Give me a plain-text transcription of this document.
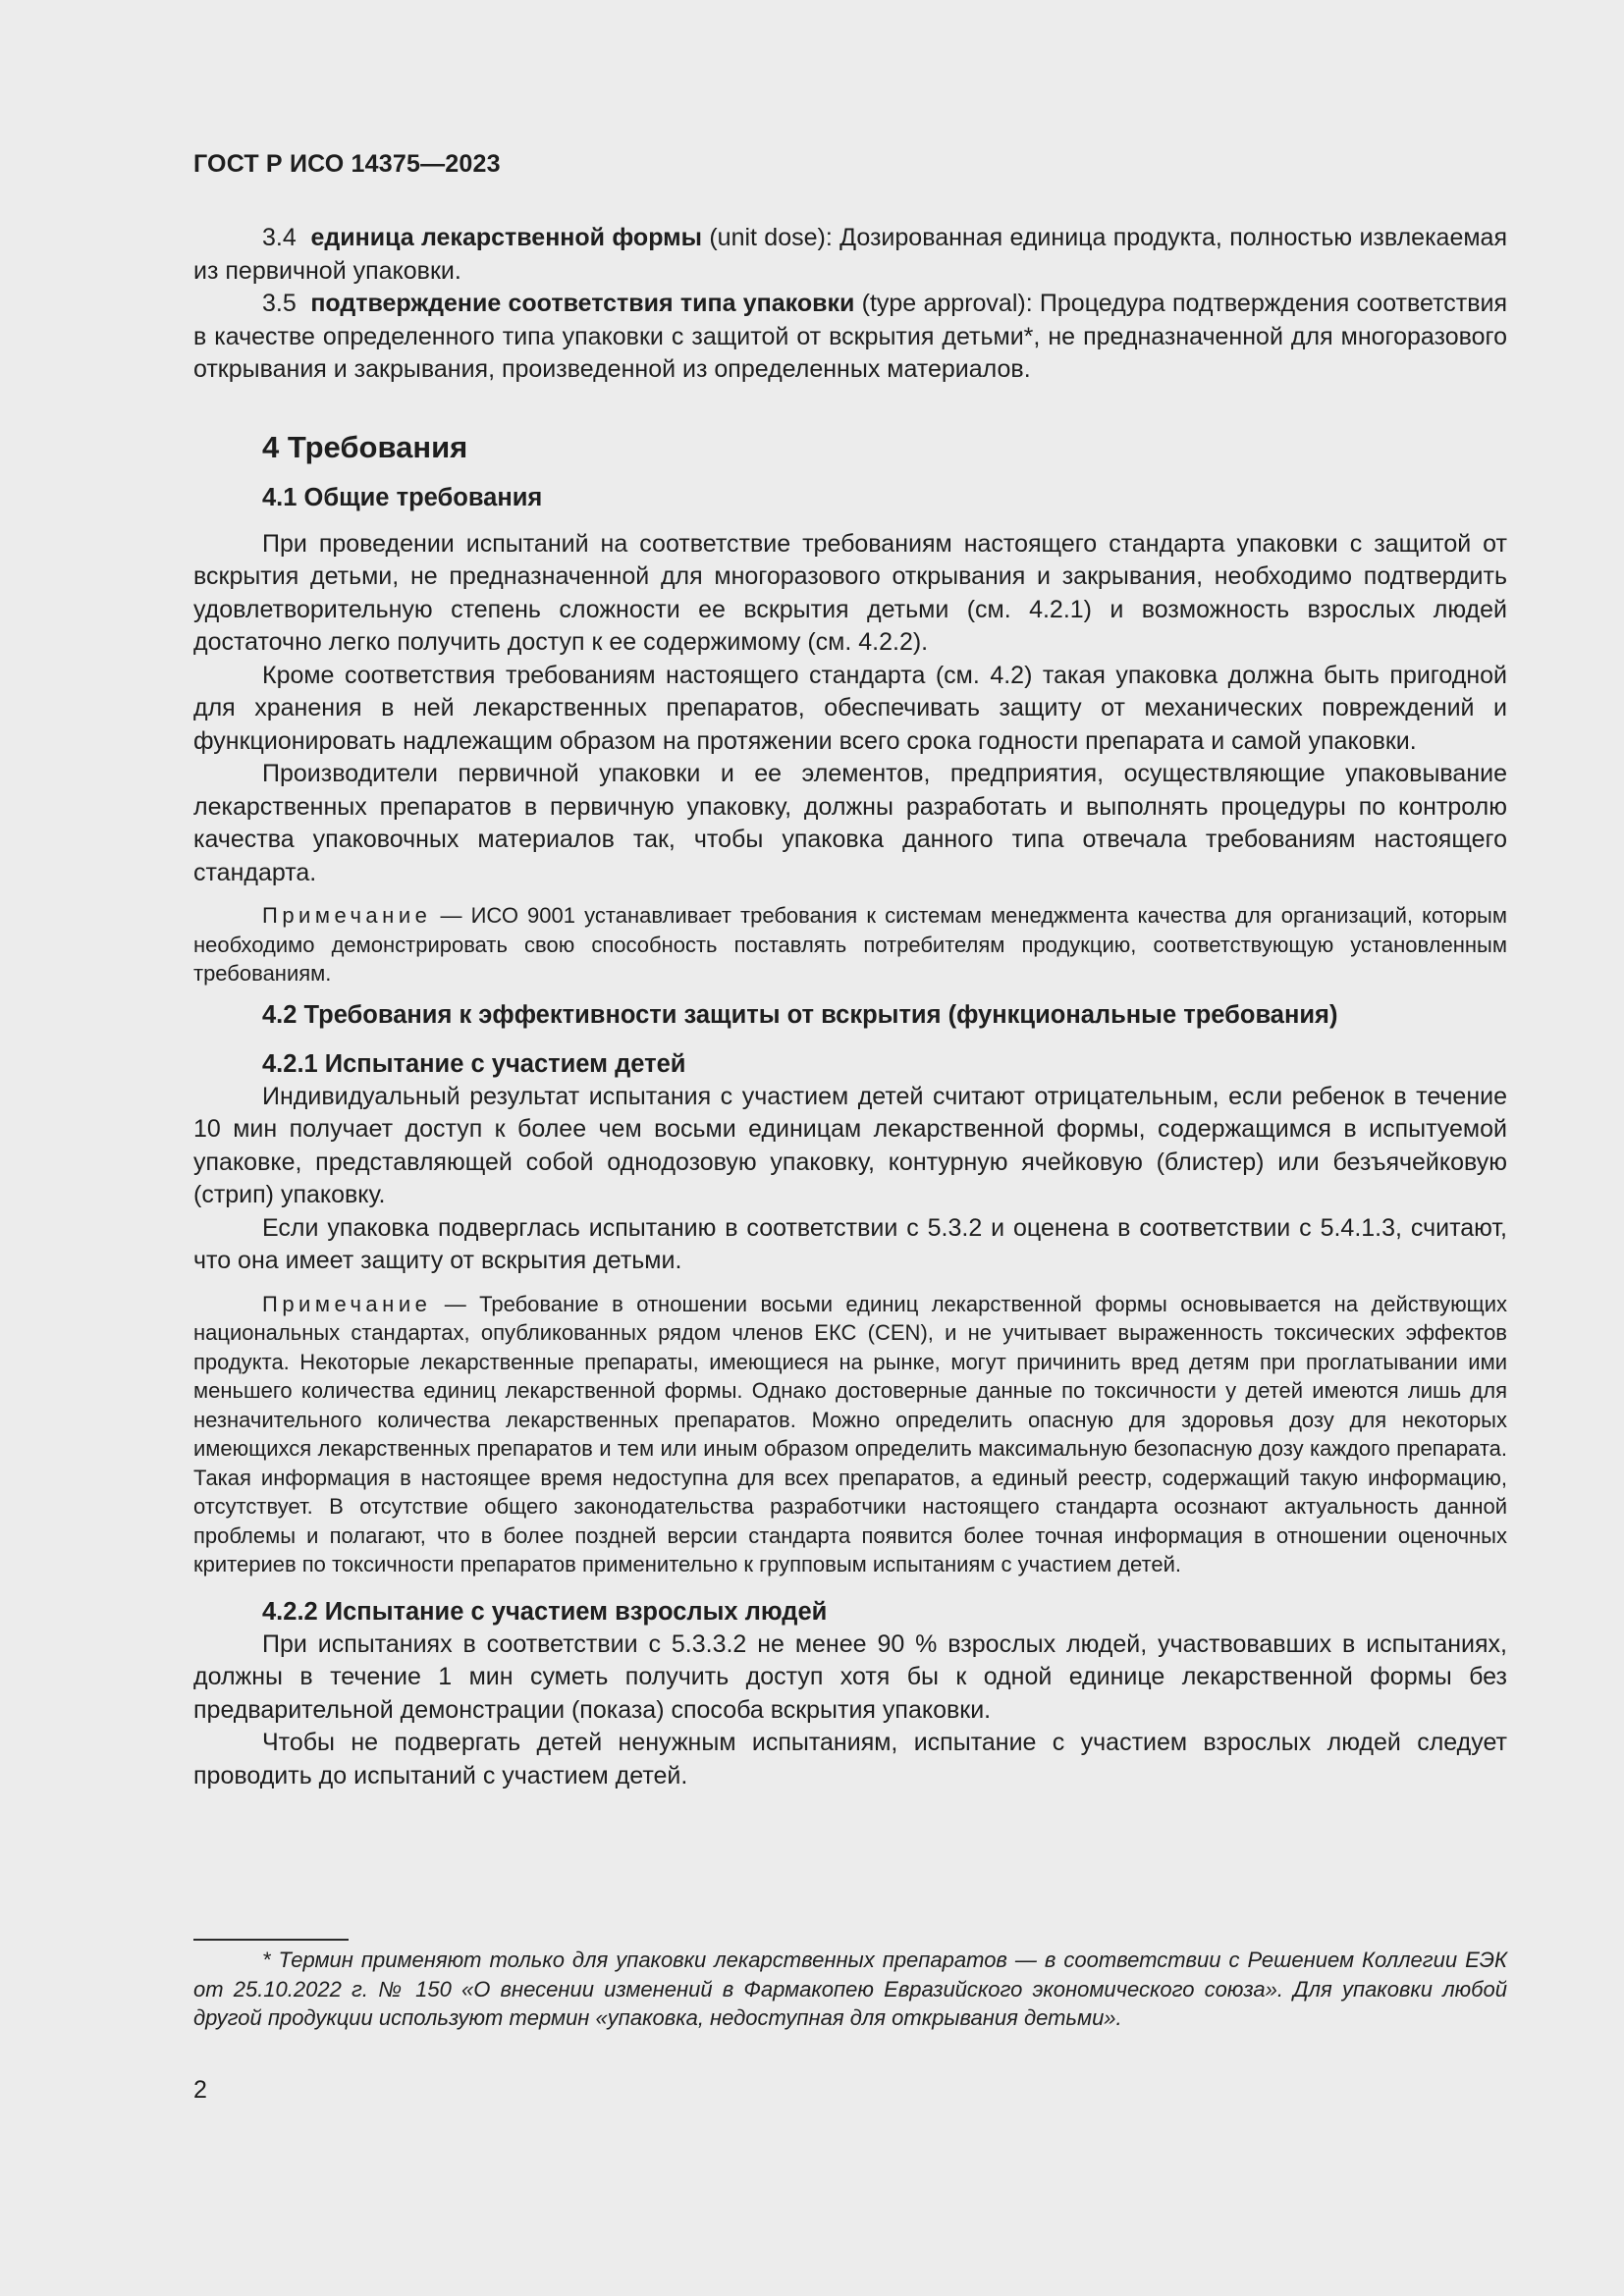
ГОСТ Р ИСО 14375—2023

3.4 единица лекарственной формы (unit dose): Дозированная единица продукта, полностью извлекаемая из первичной упаковки.

3.5 подтверждение соответствия типа упаковки (type approval): Процедура подтверждения соответствия в качестве определенного типа упаковки с защитой от вскрытия детьми*, не предназначенной для многоразового открывания и закрывания, произведенной из определенных материалов.

4 Требования
4.1 Общие требования

При проведении испытаний на соответствие требованиям настоящего стандарта упаковки с защитой от вскрытия детьми, не предназначенной для многоразового открывания и закрывания, необходимо подтвердить удовлетворительную степень сложности ее вскрытия детьми (см. 4.2.1) и возможность взрослых людей достаточно легко получить доступ к ее содержимому (см. 4.2.2).

Кроме соответствия требованиям настоящего стандарта (см. 4.2) такая упаковка должна быть пригодной для хранения в ней лекарственных препаратов, обеспечивать защиту от механических повреждений и функционировать надлежащим образом на протяжении всего срока годности препарата и самой упаковки.

Производители первичной упаковки и ее элементов, предприятия, осуществляющие упаковывание лекарственных препаратов в первичную упаковку, должны разработать и выполнять процедуры по контролю качества упаковочных материалов так, чтобы упаковка данного типа отвечала требованиям настоящего стандарта.

Примечание — ИСО 9001 устанавливает требования к системам менеджмента качества для организаций, которым необходимо демонстрировать свою способность поставлять потребителям продукцию, соответствующую установленным требованиям.

4.2 Требования к эффективности защиты от вскрытия (функциональные требования)
4.2.1 Испытание с участием детей

Индивидуальный результат испытания с участием детей считают отрицательным, если ребенок в течение 10 мин получает доступ к более чем восьми единицам лекарственной формы, содержащимся в испытуемой упаковке, представляющей собой однодозовую упаковку, контурную ячейковую (блистер) или безъячейковую (стрип) упаковку.

Если упаковка подверглась испытанию в соответствии с 5.3.2 и оценена в соответствии с 5.4.1.3, считают, что она имеет защиту от вскрытия детьми.

Примечание — Требование в отношении восьми единиц лекарственной формы основывается на действующих национальных стандартах, опубликованных рядом членов ЕКС (CEN), и не учитывает выраженность токсических эффектов продукта. Некоторые лекарственные препараты, имеющиеся на рынке, могут причинить вред детям при проглатывании ими меньшего количества единиц лекарственной формы. Однако достоверные данные по токсичности у детей имеются лишь для незначительного количества лекарственных препаратов. Можно определить опасную для здоровья дозу для некоторых имеющихся лекарственных препаратов и тем или иным образом определить максимальную безопасную дозу каждого препарата. Такая информация в настоящее время недоступна для всех препаратов, а единый реестр, содержащий такую информацию, отсутствует. В отсутствие общего законодательства разработчики настоящего стандарта осознают актуальность данной проблемы и полагают, что в более поздней версии стандарта появится более точная информация в отношении оценочных критериев по токсичности препаратов применительно к групповым испытаниям с участием детей.

4.2.2 Испытание с участием взрослых людей

При испытаниях в соответствии с 5.3.3.2 не менее 90 % взрослых людей, участвовавших в испытаниях, должны в течение 1 мин суметь получить доступ хотя бы к одной единице лекарственной формы без предварительной демонстрации (показа) способа вскрытия упаковки.

Чтобы не подвергать детей ненужным испытаниям, испытание с участием взрослых людей следует проводить до испытаний с участием детей.

* Термин применяют только для упаковки лекарственных препаратов — в соответствии с Решением Коллегии ЕЭК от 25.10.2022 г. № 150 «О внесении изменений в Фармакопею Евразийского экономического союза». Для упаковки любой другой продукции используют термин «упаковка, недоступная для открывания детьми».

2
